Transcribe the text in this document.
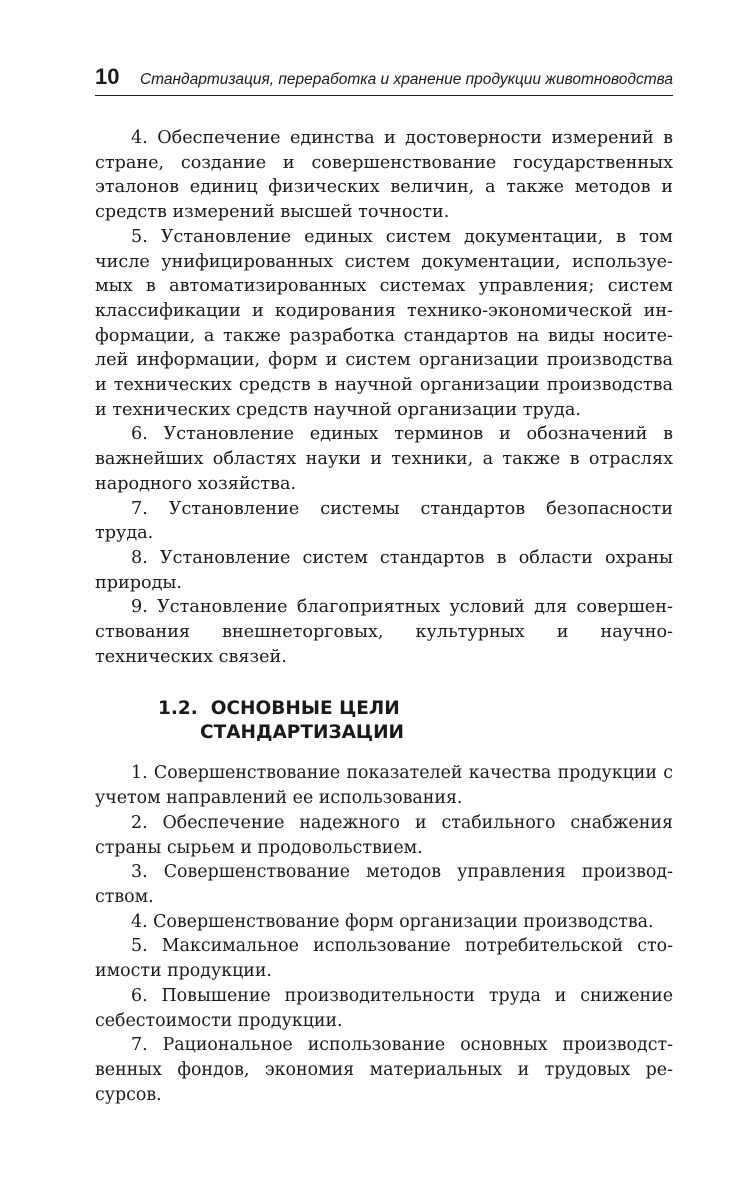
10 Стандартизация, переработка и хранение продукции животноводства

4. Обеспечение единства и достоверности измерений в стране, создание и совершенствование государственных эталонов единиц физических величин, а также методов и средств измерений высшей точности.

5. Установление единых систем документации, в том числе унифицированных систем документации, используемых в автоматизированных системах управления; систем классификации и кодирования технико-экономической информации, а также разработка стандартов на виды носителей информации, форм и систем организации производства и технических средств в научной организации производства и технических средств научной организации труда.

6. Установление единых терминов и обозначений в важнейших областях науки и техники, а также в отраслях народного хозяйства.

7. Установление системы стандартов безопасности труда.

8. Установление систем стандартов в области охраны природы.

9. Установление благоприятных условий для совершенствования внешнеторговых, культурных и научно-технических связей.

1.2. ОСНОВНЫЕ ЦЕЛИ
СТАНДАРТИЗАЦИИ

1. Совершенствование показателей качества продукции с учетом направлений ее использования.

2. Обеспечение надежного и стабильного снабжения страны сырьем и продовольствием.

3. Совершенствование методов управления производством.

4. Совершенствование форм организации производства.

5. Максимальное использование потребительской стоимости продукции.

6. Повышение производительности труда и снижение себестоимости продукции.

7. Рациональное использование основных производственных фондов, экономия материальных и трудовых ресурсов.
